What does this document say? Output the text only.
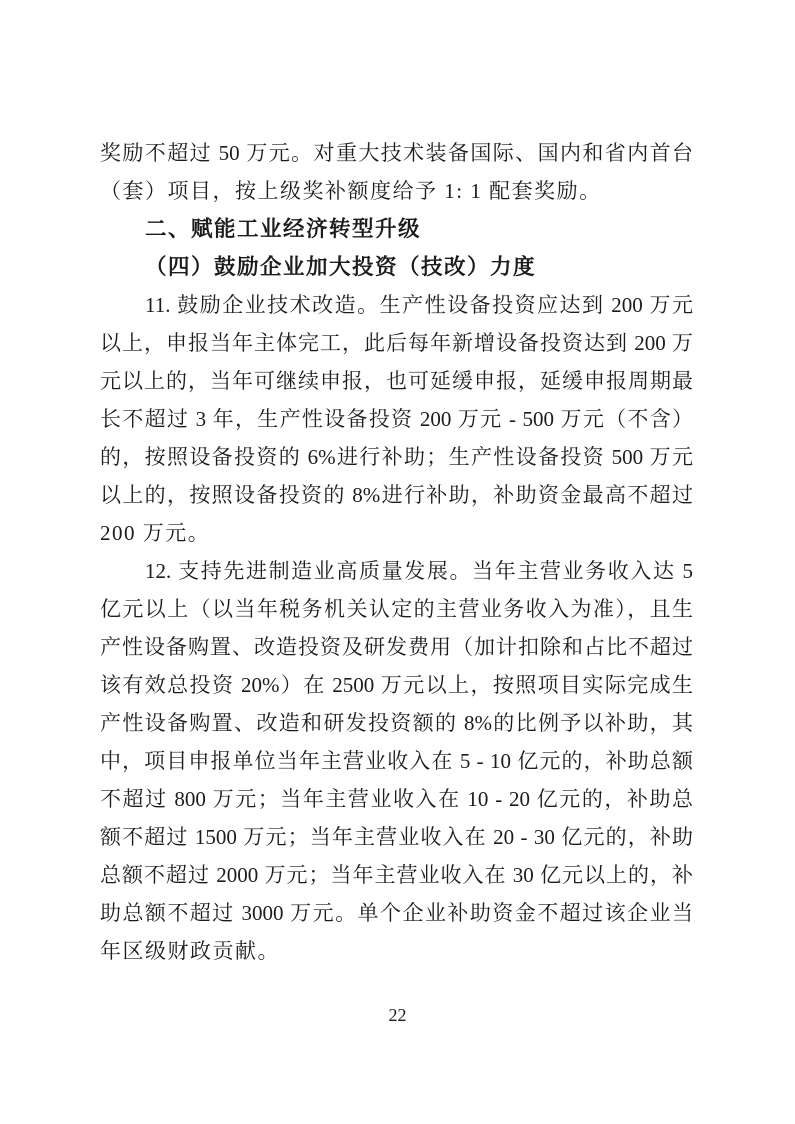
奖励不超过 50 万元。对重大技术装备国际、国内和省内首台
（套）项目，按上级奖补额度给予 1: 1 配套奖励。
二、赋能工业经济转型升级
（四）鼓励企业加大投资（技改）力度
11. 鼓励企业技术改造。生产性设备投资应达到 200 万元
以上，申报当年主体完工，此后每年新增设备投资达到 200 万
元以上的，当年可继续申报，也可延缓申报，延缓申报周期最
长不超过 3 年，生产性设备投资 200 万元 - 500 万元（不含）
的，按照设备投资的 6%进行补助；生产性设备投资 500 万元
以上的，按照设备投资的 8%进行补助，补助资金最高不超过
200 万元。
12. 支持先进制造业高质量发展。当年主营业务收入达 5
亿元以上（以当年税务机关认定的主营业务收入为准），且生
产性设备购置、改造投资及研发费用（加计扣除和占比不超过
该有效总投资 20%）在 2500 万元以上，按照项目实际完成生
产性设备购置、改造和研发投资额的 8%的比例予以补助，其
中，项目申报单位当年主营业收入在 5 - 10 亿元的，补助总额
不超过 800 万元；当年主营业收入在 10 - 20 亿元的，补助总
额不超过 1500 万元；当年主营业收入在 20 - 30 亿元的，补助
总额不超过 2000 万元；当年主营业收入在 30 亿元以上的，补
助总额不超过 3000 万元。单个企业补助资金不超过该企业当
年区级财政贡献。
22
